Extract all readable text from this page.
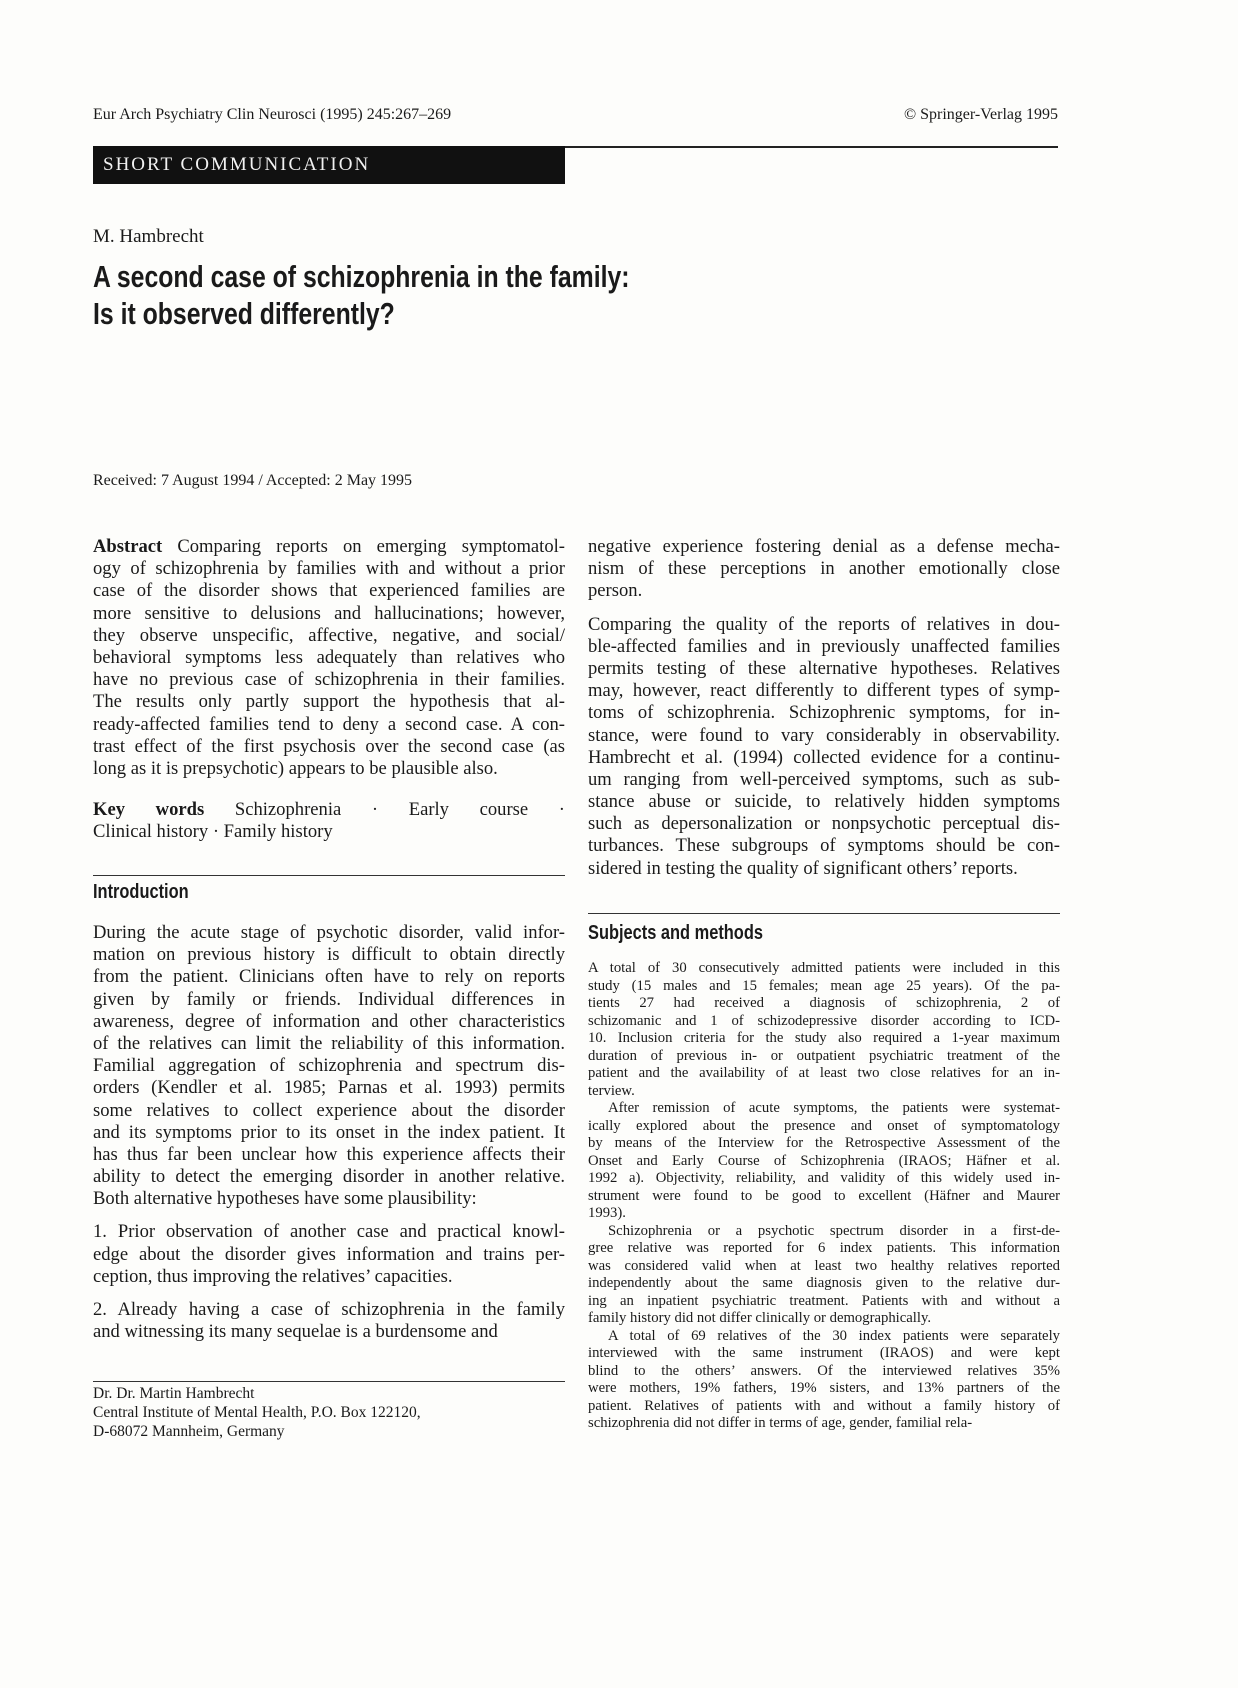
Eur Arch Psychiatry Clin Neurosci (1995) 245:267–269	© Springer-Verlag 1995
SHORT COMMUNICATION
M. Hambrecht
A second case of schizophrenia in the family:
Is it observed differently?
Received: 7 August 1994 / Accepted: 2 May 1995
Abstract Comparing reports on emerging symptomatol-
ogy of schizophrenia by families with and without a prior
case of the disorder shows that experienced families are
more sensitive to delusions and hallucinations; however,
they observe unspecific, affective, negative, and social/
behavioral symptoms less adequately than relatives who
have no previous case of schizophrenia in their families.
The results only partly support the hypothesis that al-
ready-affected families tend to deny a second case. A con-
trast effect of the first psychosis over the second case (as
long as it is prepsychotic) appears to be plausible also.
Key words Schizophrenia · Early course ·
Clinical history · Family history
Introduction
During the acute stage of psychotic disorder, valid infor-
mation on previous history is difficult to obtain directly
from the patient. Clinicians often have to rely on reports
given by family or friends. Individual differences in
awareness, degree of information and other characteristics
of the relatives can limit the reliability of this information.
Familial aggregation of schizophrenia and spectrum dis-
orders (Kendler et al. 1985; Parnas et al. 1993) permits
some relatives to collect experience about the disorder
and its symptoms prior to its onset in the index patient. It
has thus far been unclear how this experience affects their
ability to detect the emerging disorder in another relative.
Both alternative hypotheses have some plausibility:
1. Prior observation of another case and practical knowl-
edge about the disorder gives information and trains per-
ception, thus improving the relatives’ capacities.
2. Already having a case of schizophrenia in the family
and witnessing its many sequelae is a burdensome and
Dr. Dr. Martin Hambrecht
Central Institute of Mental Health, P.O. Box 122120,
D-68072 Mannheim, Germany
negative experience fostering denial as a defense mecha-
nism of these perceptions in another emotionally close
person.
Comparing the quality of the reports of relatives in dou-
ble-affected families and in previously unaffected families
permits testing of these alternative hypotheses. Relatives
may, however, react differently to different types of symp-
toms of schizophrenia. Schizophrenic symptoms, for in-
stance, were found to vary considerably in observability.
Hambrecht et al. (1994) collected evidence for a continu-
um ranging from well-perceived symptoms, such as sub-
stance abuse or suicide, to relatively hidden symptoms
such as depersonalization or nonpsychotic perceptual dis-
turbances. These subgroups of symptoms should be con-
sidered in testing the quality of significant others’ reports.
Subjects and methods
A total of 30 consecutively admitted patients were included in this
study (15 males and 15 females; mean age 25 years). Of the pa-
tients 27 had received a diagnosis of schizophrenia, 2 of
schizomanic and 1 of schizodepressive disorder according to ICD-
10. Inclusion criteria for the study also required a 1-year maximum
duration of previous in- or outpatient psychiatric treatment of the
patient and the availability of at least two close relatives for an in-
terview.
After remission of acute symptoms, the patients were systemat-
ically explored about the presence and onset of symptomatology
by means of the Interview for the Retrospective Assessment of the
Onset and Early Course of Schizophrenia (IRAOS; Häfner et al.
1992 a). Objectivity, reliability, and validity of this widely used in-
strument were found to be good to excellent (Häfner and Maurer
1993).
Schizophrenia or a psychotic spectrum disorder in a first-de-
gree relative was reported for 6 index patients. This information
was considered valid when at least two healthy relatives reported
independently about the same diagnosis given to the relative dur-
ing an inpatient psychiatric treatment. Patients with and without a
family history did not differ clinically or demographically.
A total of 69 relatives of the 30 index patients were separately
interviewed with the same instrument (IRAOS) and were kept
blind to the others’ answers. Of the interviewed relatives 35%
were mothers, 19% fathers, 19% sisters, and 13% partners of the
patient. Relatives of patients with and without a family history of
schizophrenia did not differ in terms of age, gender, familial rela-
